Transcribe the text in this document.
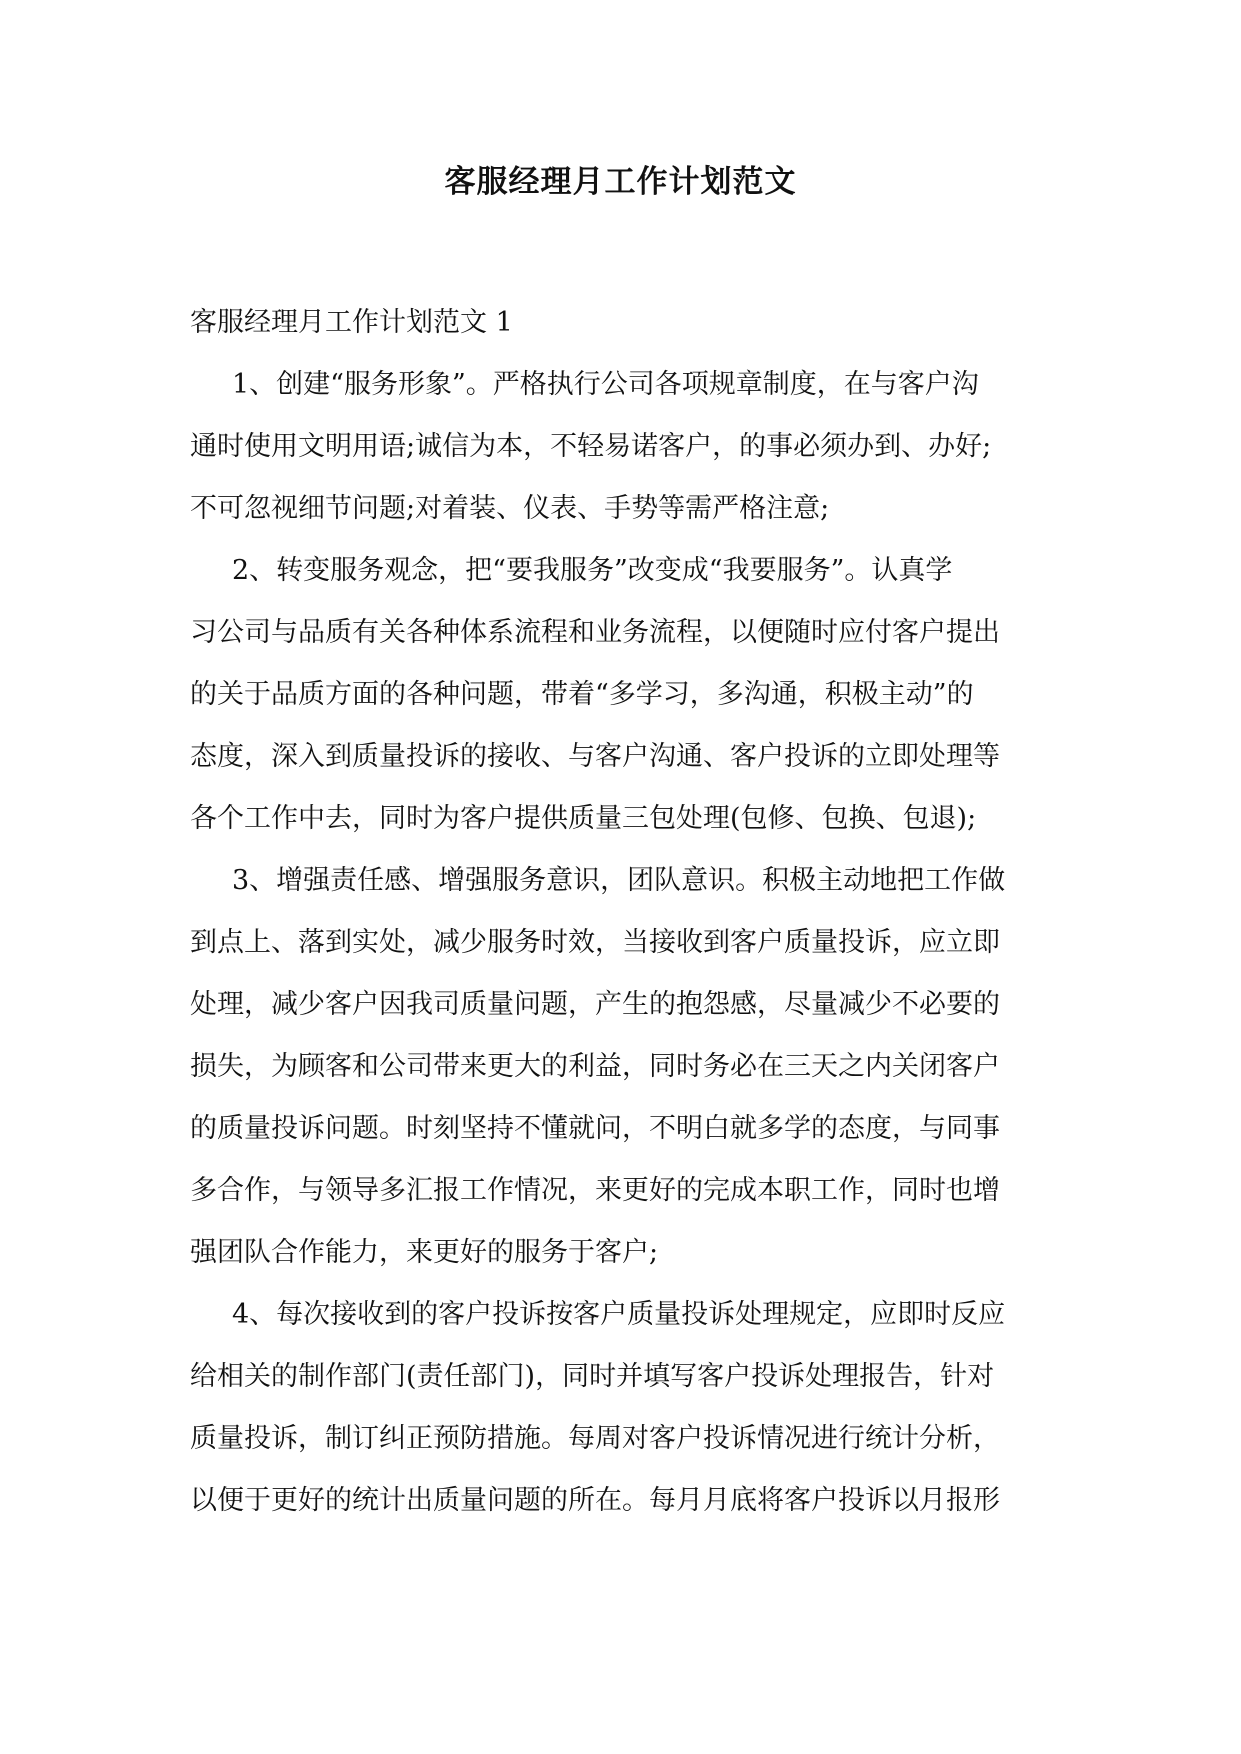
客服经理月工作计划范文
客服经理月工作计划范文 1
1、创建“服务形象”。严格执行公司各项规章制度，在与客户沟
通时使用文明用语;诚信为本，不轻易诺客户，的事必须办到、办好;
不可忽视细节问题;对着装、仪表、手势等需严格注意;
2、转变服务观念，把“要我服务”改变成“我要服务”。认真学
习公司与品质有关各种体系流程和业务流程，以便随时应付客户提出
的关于品质方面的各种问题，带着“多学习，多沟通，积极主动”的
态度，深入到质量投诉的接收、与客户沟通、客户投诉的立即处理等
各个工作中去，同时为客户提供质量三包处理(包修、包换、包退);
3、增强责任感、增强服务意识，团队意识。积极主动地把工作做
到点上、落到实处，减少服务时效，当接收到客户质量投诉，应立即
处理，减少客户因我司质量问题，产生的抱怨感，尽量减少不必要的
损失，为顾客和公司带来更大的利益，同时务必在三天之内关闭客户
的质量投诉问题。时刻坚持不懂就问，不明白就多学的态度，与同事
多合作，与领导多汇报工作情况，来更好的完成本职工作，同时也增
强团队合作能力，来更好的服务于客户;
4、每次接收到的客户投诉按客户质量投诉处理规定，应即时反应
给相关的制作部门(责任部门)，同时并填写客户投诉处理报告，针对
质量投诉，制订纠正预防措施。每周对客户投诉情况进行统计分析，
以便于更好的统计出质量问题的所在。每月月底将客户投诉以月报形
